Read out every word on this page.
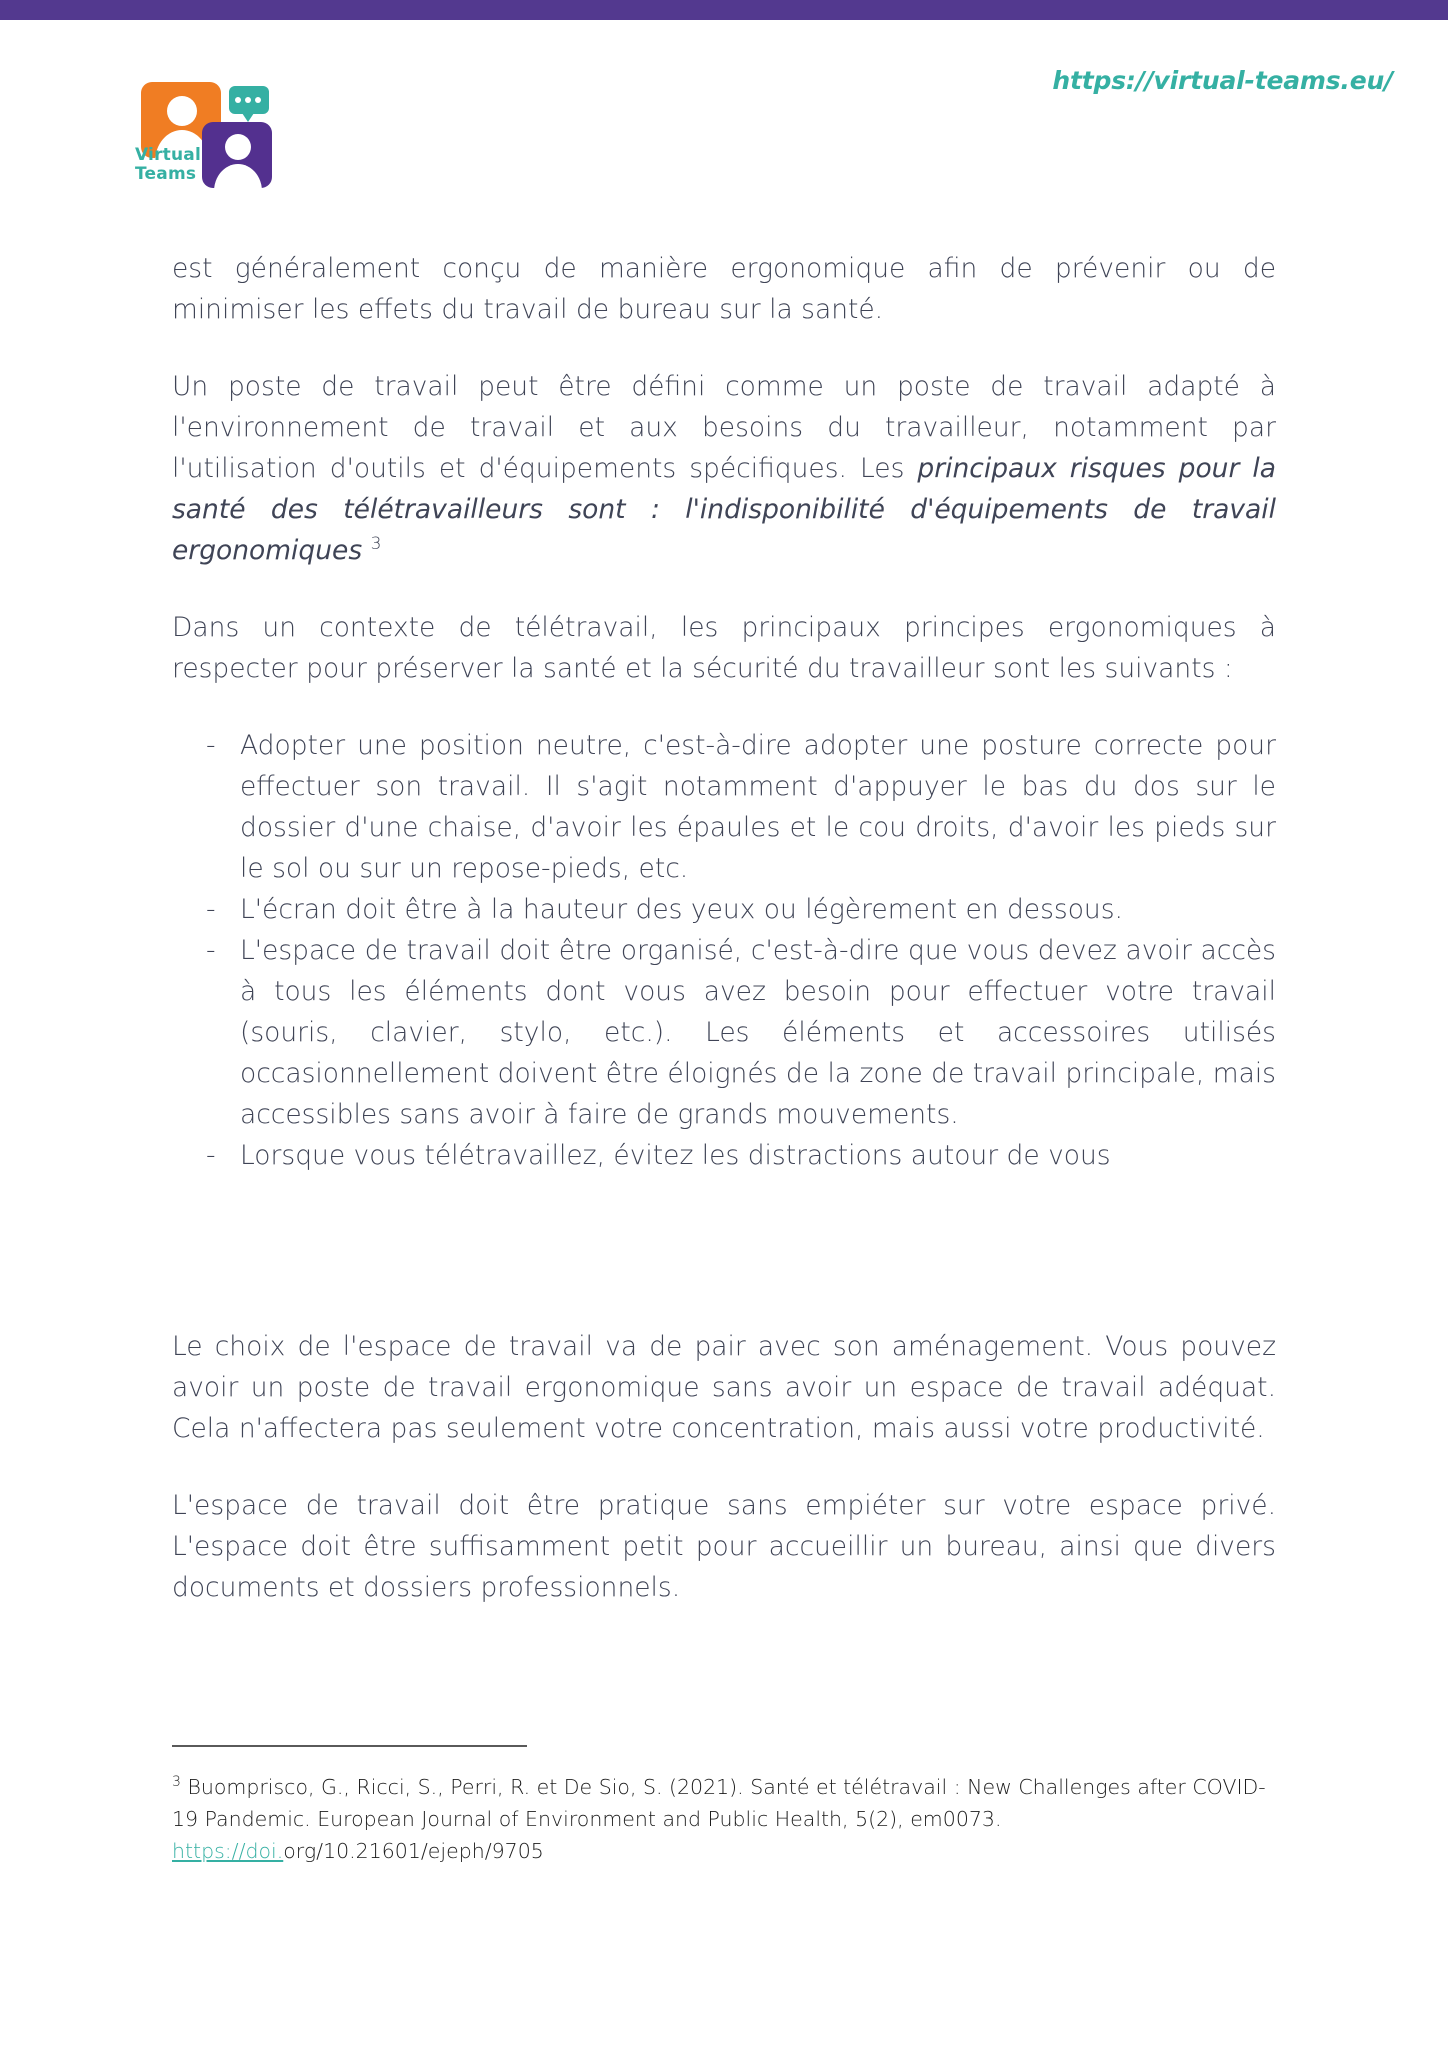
Virtual
Teams
https://virtual-teams.eu/

est généralement conçu de manière ergonomique afin de prévenir ou de minimiser les effets du travail de bureau sur la santé.

Un poste de travail peut être défini comme un poste de travail adapté à l'environnement de travail et aux besoins du travailleur, notamment par l'utilisation d'outils et d'équipements spécifiques. Les principaux risques pour la santé des télétravailleurs sont : l'indisponibilité d'équipements de travail ergonomiques $^3$

Dans un contexte de télétravail, les principaux principes ergonomiques à respecter pour préserver la santé et la sécurité du travailleur sont les suivants :

- Adopter une position neutre, c'est-à-dire adopter une posture correcte pour effectuer son travail. Il s'agit notamment d'appuyer le bas du dos sur le dossier d'une chaise, d'avoir les épaules et le cou droits, d'avoir les pieds sur le sol ou sur un repose-pieds, etc.
- L'écran doit être à la hauteur des yeux ou légèrement en dessous.
- L'espace de travail doit être organisé, c'est-à-dire que vous devez avoir accès à tous les éléments dont vous avez besoin pour effectuer votre travail (souris, clavier, stylo, etc.). Les éléments et accessoires utilisés occasionnellement doivent être éloignés de la zone de travail principale, mais accessibles sans avoir à faire de grands mouvements.
- Lorsque vous télétravaillez, évitez les distractions autour de vous

Le choix de l'espace de travail va de pair avec son aménagement. Vous pouvez avoir un poste de travail ergonomique sans avoir un espace de travail adéquat. Cela n'affectera pas seulement votre concentration, mais aussi votre productivité.

L'espace de travail doit être pratique sans empiéter sur votre espace privé. L'espace doit être suffisamment petit pour accueillir un bureau, ainsi que divers documents et dossiers professionnels.

$^3$ Buomprisco, G., Ricci, S., Perri, R. et De Sio, S. (2021). Santé et télétravail : New Challenges after COVID-19 Pandemic. European Journal of Environment and Public Health, 5(2), em0073.
https://doi.org/10.21601/ejeph/9705
